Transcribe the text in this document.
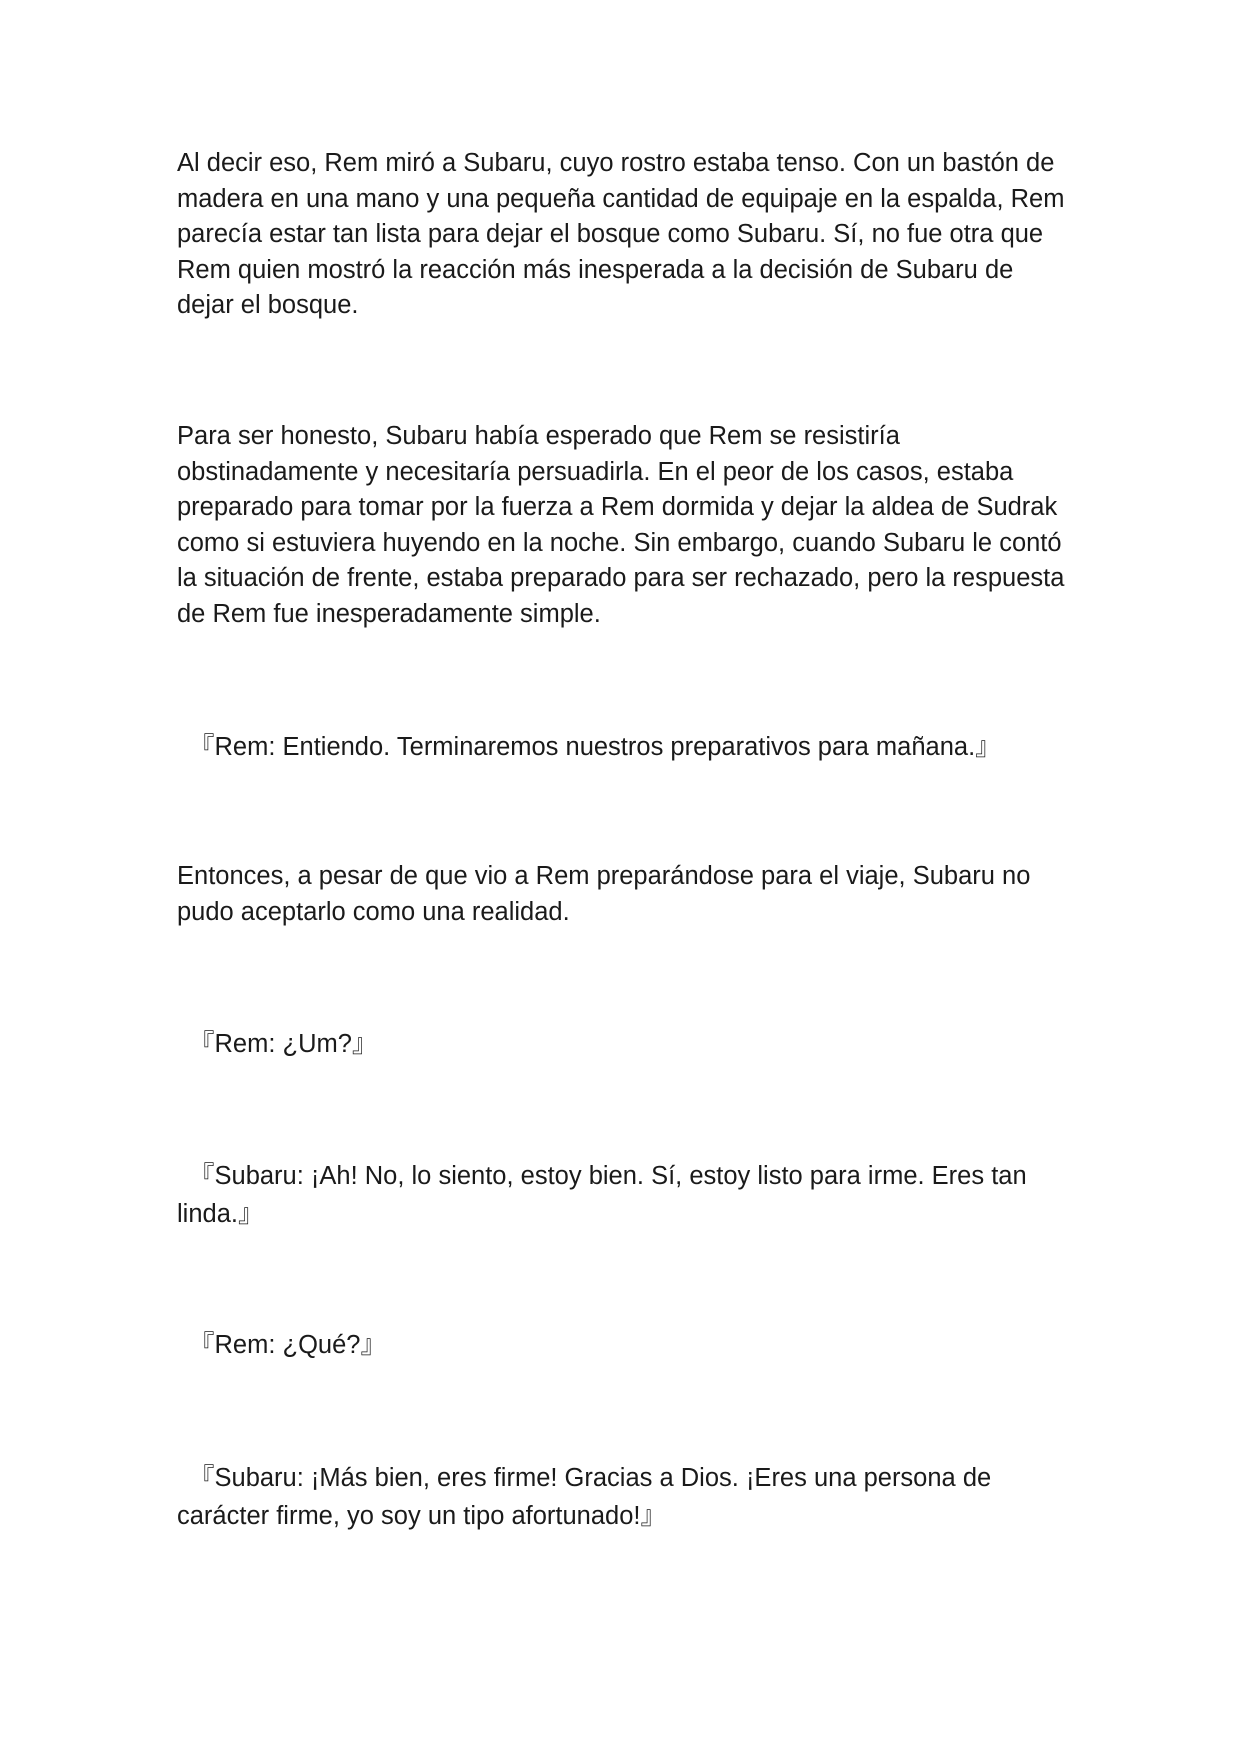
Al decir eso, Rem miró a Subaru, cuyo rostro estaba tenso. Con un bastón de madera en una mano y una pequeña cantidad de equipaje en la espalda, Rem parecía estar tan lista para dejar el bosque como Subaru. Sí, no fue otra que Rem quien mostró la reacción más inesperada a la decisión de Subaru de dejar el bosque.

Para ser honesto, Subaru había esperado que Rem se resistiría obstinadamente y necesitaría persuadirla. En el peor de los casos, estaba preparado para tomar por la fuerza a Rem dormida y dejar la aldea de Sudrak como si estuviera huyendo en la noche. Sin embargo, cuando Subaru le contó la situación de frente, estaba preparado para ser rechazado, pero la respuesta de Rem fue inesperadamente simple.

『Rem: Entiendo. Terminaremos nuestros preparativos para mañana.』

Entonces, a pesar de que vio a Rem preparándose para el viaje, Subaru no pudo aceptarlo como una realidad.

『Rem: ¿Um?』

『Subaru: ¡Ah! No, lo siento, estoy bien. Sí, estoy listo para irme. Eres tan linda.』

『Rem: ¿Qué?』

『Subaru: ¡Más bien, eres firme! Gracias a Dios. ¡Eres una persona de carácter firme, yo soy un tipo afortunado!』
